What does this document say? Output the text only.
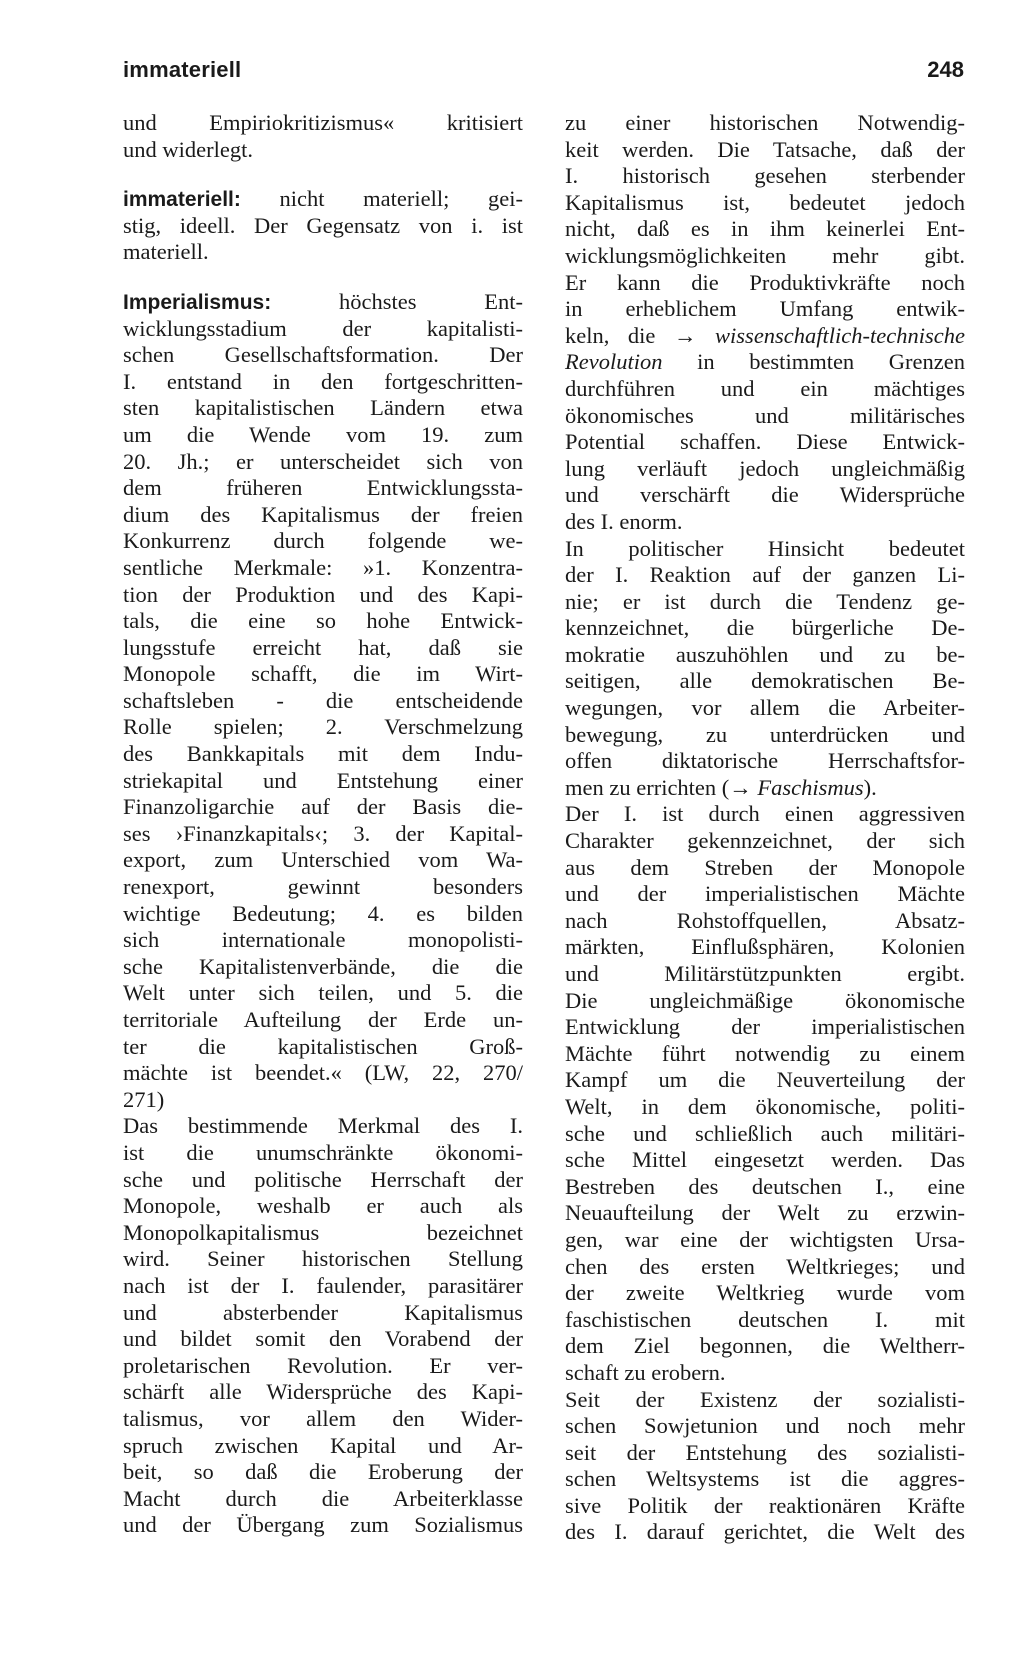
immateriell	248
und Empiriokritizismus« kritisiert
und widerlegt.
immateriell: nicht materiell; gei-
stig, ideell. Der Gegensatz von i. ist
materiell.
Imperialismus: höchstes Ent-
wicklungsstadium der kapitalisti-
schen Gesellschaftsformation. Der
I. entstand in den fortgeschritten-
sten kapitalistischen Ländern etwa
um die Wende vom 19. zum
20. Jh.; er unterscheidet sich von
dem früheren Entwicklungssta-
dium des Kapitalismus der freien
Konkurrenz durch folgende we-
sentliche Merkmale: »1. Konzentra-
tion der Produktion und des Kapi-
tals, die eine so hohe Entwick-
lungsstufe erreicht hat, daß sie
Monopole schafft, die im Wirt-
schaftsleben - die entscheidende
Rolle spielen; 2. Verschmelzung
des Bankkapitals mit dem Indu-
striekapital und Entstehung einer
Finanzoligarchie auf der Basis die-
ses ›Finanzkapitals‹; 3. der Kapital-
export, zum Unterschied vom Wa-
renexport, gewinnt besonders
wichtige Bedeutung; 4. es bilden
sich internationale monopolisti-
sche Kapitalistenverbände, die die
Welt unter sich teilen, und 5. die
territoriale Aufteilung der Erde un-
ter die kapitalistischen Groß-
mächte ist beendet.« (LW, 22, 270/
271)
Das bestimmende Merkmal des I.
ist die unumschränkte ökonomi-
sche und politische Herrschaft der
Monopole, weshalb er auch als
Monopolkapitalismus bezeichnet
wird. Seiner historischen Stellung
nach ist der I. faulender, parasitärer
und absterbender Kapitalismus
und bildet somit den Vorabend der
proletarischen Revolution. Er ver-
schärft alle Widersprüche des Kapi-
talismus, vor allem den Wider-
spruch zwischen Kapital und Ar-
beit, so daß die Eroberung der
Macht durch die Arbeiterklasse
und der Übergang zum Sozialismus
zu einer historischen Notwendig-
keit werden. Die Tatsache, daß der
I. historisch gesehen sterbender
Kapitalismus ist, bedeutet jedoch
nicht, daß es in ihm keinerlei Ent-
wicklungsmöglichkeiten mehr gibt.
Er kann die Produktivkräfte noch
in erheblichem Umfang entwik-
keln, die → wissenschaftlich-technische
Revolution in bestimmten Grenzen
durchführen und ein mächtiges
ökonomisches und militärisches
Potential schaffen. Diese Entwick-
lung verläuft jedoch ungleichmäßig
und verschärft die Widersprüche
des I. enorm.
In politischer Hinsicht bedeutet
der I. Reaktion auf der ganzen Li-
nie; er ist durch die Tendenz ge-
kennzeichnet, die bürgerliche De-
mokratie auszuhöhlen und zu be-
seitigen, alle demokratischen Be-
wegungen, vor allem die Arbeiter-
bewegung, zu unterdrücken und
offen diktatorische Herrschaftsfor-
men zu errichten (→ Faschismus).
Der I. ist durch einen aggressiven
Charakter gekennzeichnet, der sich
aus dem Streben der Monopole
und der imperialistischen Mächte
nach Rohstoffquellen, Absatz-
märkten, Einflußsphären, Kolonien
und Militärstützpunkten ergibt.
Die ungleichmäßige ökonomische
Entwicklung der imperialistischen
Mächte führt notwendig zu einem
Kampf um die Neuverteilung der
Welt, in dem ökonomische, politi-
sche und schließlich auch militäri-
sche Mittel eingesetzt werden. Das
Bestreben des deutschen I., eine
Neuaufteilung der Welt zu erzwin-
gen, war eine der wichtigsten Ursa-
chen des ersten Weltkrieges; und
der zweite Weltkrieg wurde vom
faschistischen deutschen I. mit
dem Ziel begonnen, die Weltherr-
schaft zu erobern.
Seit der Existenz der sozialisti-
schen Sowjetunion und noch mehr
seit der Entstehung des sozialisti-
schen Weltsystems ist die aggres-
sive Politik der reaktionären Kräfte
des I. darauf gerichtet, die Welt des
